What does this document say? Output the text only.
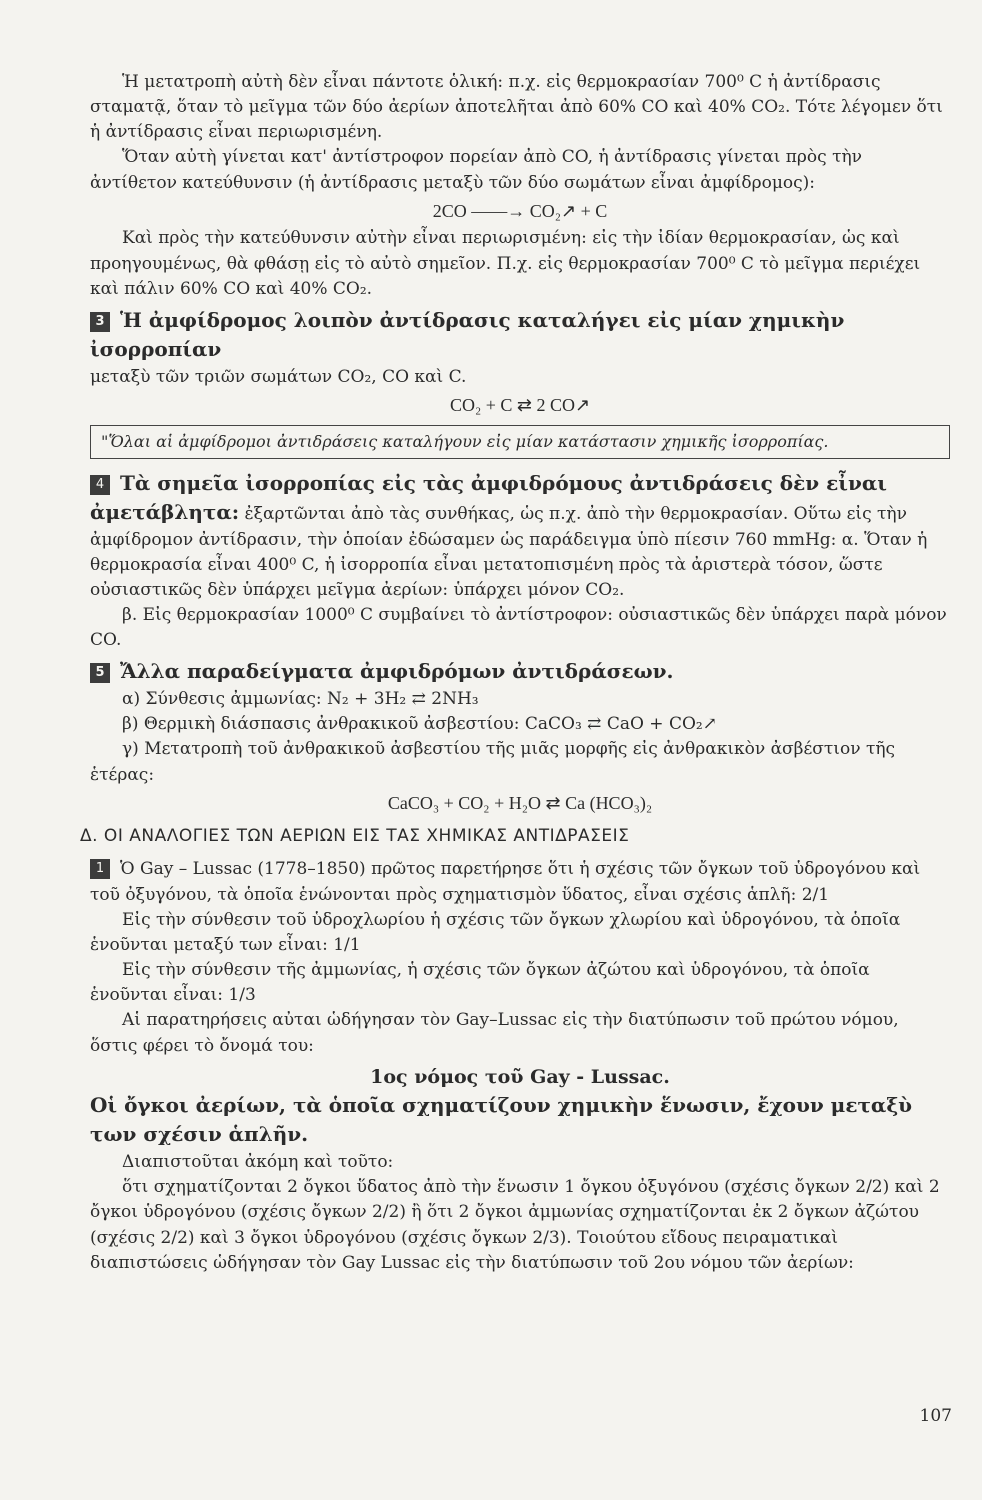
Ἡ μετατροπὴ αὐτὴ δὲν εἶναι πάντοτε ὁλική: π.χ. εἰς θερμοκρασίαν 700⁰ C ἡ ἀντίδρασις σταματᾷ, ὅταν τὸ μεῖγμα τῶν δύο ἀερίων ἀποτελῆται ἀπὸ 60% CO καὶ 40% CO₂. Τότε λέγομεν ὅτι ἡ ἀντίδρασις εἶναι περιωρισμένη.

Ὅταν αὐτὴ γίνεται κατ' ἀντίστροφον πορείαν ἀπὸ CO, ἡ ἀντίδρασις γίνεται πρὸς τὴν ἀντίθετον κατεύθυνσιν (ἡ ἀντίδρασις μεταξὺ τῶν δύο σωμάτων εἶναι ἀμφίδρομος):

2CO ——→ CO₂↗ + C

Καὶ πρὸς τὴν κατεύθυνσιν αὐτὴν εἶναι περιωρισμένη: εἰς τὴν ἰδίαν θερμοκρασίαν, ὡς καὶ προηγουμένως, θὰ φθάσῃ εἰς τὸ αὐτὸ σημεῖον. Π.χ. εἰς θερμοκρασίαν 700⁰ C τὸ μεῖγμα περιέχει καὶ πάλιν 60% CO καὶ 40% CO₂.

3 Ἡ ἀμφίδρομος λοιπὸν ἀντίδρασις καταλήγει εἰς μίαν χημικὴν ἰσορροπίαν

μεταξὺ τῶν τριῶν σωμάτων CO₂, CO καὶ C.

CO₂ + C ⇄ 2 CO↗

"Ὅλαι αἱ ἀμφίδρομοι ἀντιδράσεις καταλήγουν εἰς μίαν κατάστασιν χημικῆς ἰσορροπίας.

4 Τὰ σημεῖα ἰσορροπίας εἰς τὰς ἀμφιδρόμους ἀντιδράσεις δὲν εἶναι ἀμετάβλητα: ἐξαρτῶνται ἀπὸ τὰς συνθήκας, ὡς π.χ. ἀπὸ τὴν θερμοκρασίαν. Οὕτω εἰς τὴν ἀμφίδρομον ἀντίδρασιν, τὴν ὁποίαν ἐδώσαμεν ὡς παράδειγμα ὑπὸ πίεσιν 760 mmHg: α. Ὅταν ἡ θερμοκρασία εἶναι 400⁰ C, ἡ ἰσορροπία εἶναι μετατοπισμένη πρὸς τὰ ἀριστερὰ τόσον, ὥστε οὐσιαστικῶς δὲν ὑπάρχει μεῖγμα ἀερίων: ὑπάρχει μόνον CO₂.

β. Εἰς θερμοκρασίαν 1000⁰ C συμβαίνει τὸ ἀντίστροφον: οὐσιαστικῶς δὲν ὑπάρχει παρὰ μόνον CO.

5 Ἄλλα παραδείγματα ἀμφιδρόμων ἀντιδράσεων.

α) Σύνθεσις ἀμμωνίας: N₂ + 3H₂ ⇄ 2NH₃

β) Θερμικὴ διάσπασις ἀνθρακικοῦ ἀσβεστίου: CaCO₃ ⇄ CaO + CO₂↗

γ) Μετατροπὴ τοῦ ἀνθρακικοῦ ἀσβεστίου τῆς μιᾶς μορφῆς εἰς ἀνθρακικὸν ἀσβέστιον τῆς ἑτέρας:

CaCO₃ + CO₂ + H₂O ⇄ Ca (HCO₃)₂

Δ. ΟΙ ΑΝΑΛΟΓΙΕΣ ΤΩΝ ΑΕΡΙΩΝ ΕΙΣ ΤΑΣ ΧΗΜΙΚΑΣ ΑΝΤΙΔΡΑΣΕΙΣ

1 Ὁ Gay – Lussac (1778–1850) πρῶτος παρετήρησε ὅτι ἡ σχέσις τῶν ὄγκων τοῦ ὑδρογόνου καὶ τοῦ ὀξυγόνου, τὰ ὁποῖα ἑνώνονται πρὸς σχηματισμὸν ὕδατος, εἶναι σχέσις ἁπλῆ: 2/1

Εἰς τὴν σύνθεσιν τοῦ ὑδροχλωρίου ἡ σχέσις τῶν ὄγκων χλωρίου καὶ ὑδρογόνου, τὰ ὁποῖα ἑνοῦνται μεταξύ των εἶναι: 1/1

Εἰς τὴν σύνθεσιν τῆς ἀμμωνίας, ἡ σχέσις τῶν ὄγκων ἀζώτου καὶ ὑδρογόνου, τὰ ὁποῖα ἑνοῦνται εἶναι: 1/3

Αἱ παρατηρήσεις αὐται ὡδήγησαν τὸν Gay–Lussac εἰς τὴν διατύπωσιν τοῦ πρώτου νόμου, ὅστις φέρει τὸ ὄνομά του:

1ος νόμος τοῦ Gay - Lussac.

Οἱ ὄγκοι ἀερίων, τὰ ὁποῖα σχηματίζουν χημικὴν ἕνωσιν, ἔχουν μεταξὺ των σχέσιν ἁπλῆν.

Διαπιστοῦται ἀκόμη καὶ τοῦτο:

ὅτι σχηματίζονται 2 ὄγκοι ὕδατος ἀπὸ τὴν ἕνωσιν 1 ὄγκου ὀξυγόνου (σχέσις ὄγκων 2/2) καὶ 2 ὄγκοι ὑδρογόνου (σχέσις ὄγκων 2/2) ἢ ὅτι 2 ὄγκοι ἀμμωνίας σχηματίζονται ἐκ 2 ὄγκων ἀζώτου (σχέσις 2/2) καὶ 3 ὄγκοι ὑδρογόνου (σχέσις ὄγκων 2/3). Τοιούτου εἴδους πειραματικαὶ διαπιστώσεις ὡδήγησαν τὸν Gay Lussac εἰς τὴν διατύπωσιν τοῦ 2ου νόμου τῶν ἀερίων:

107
